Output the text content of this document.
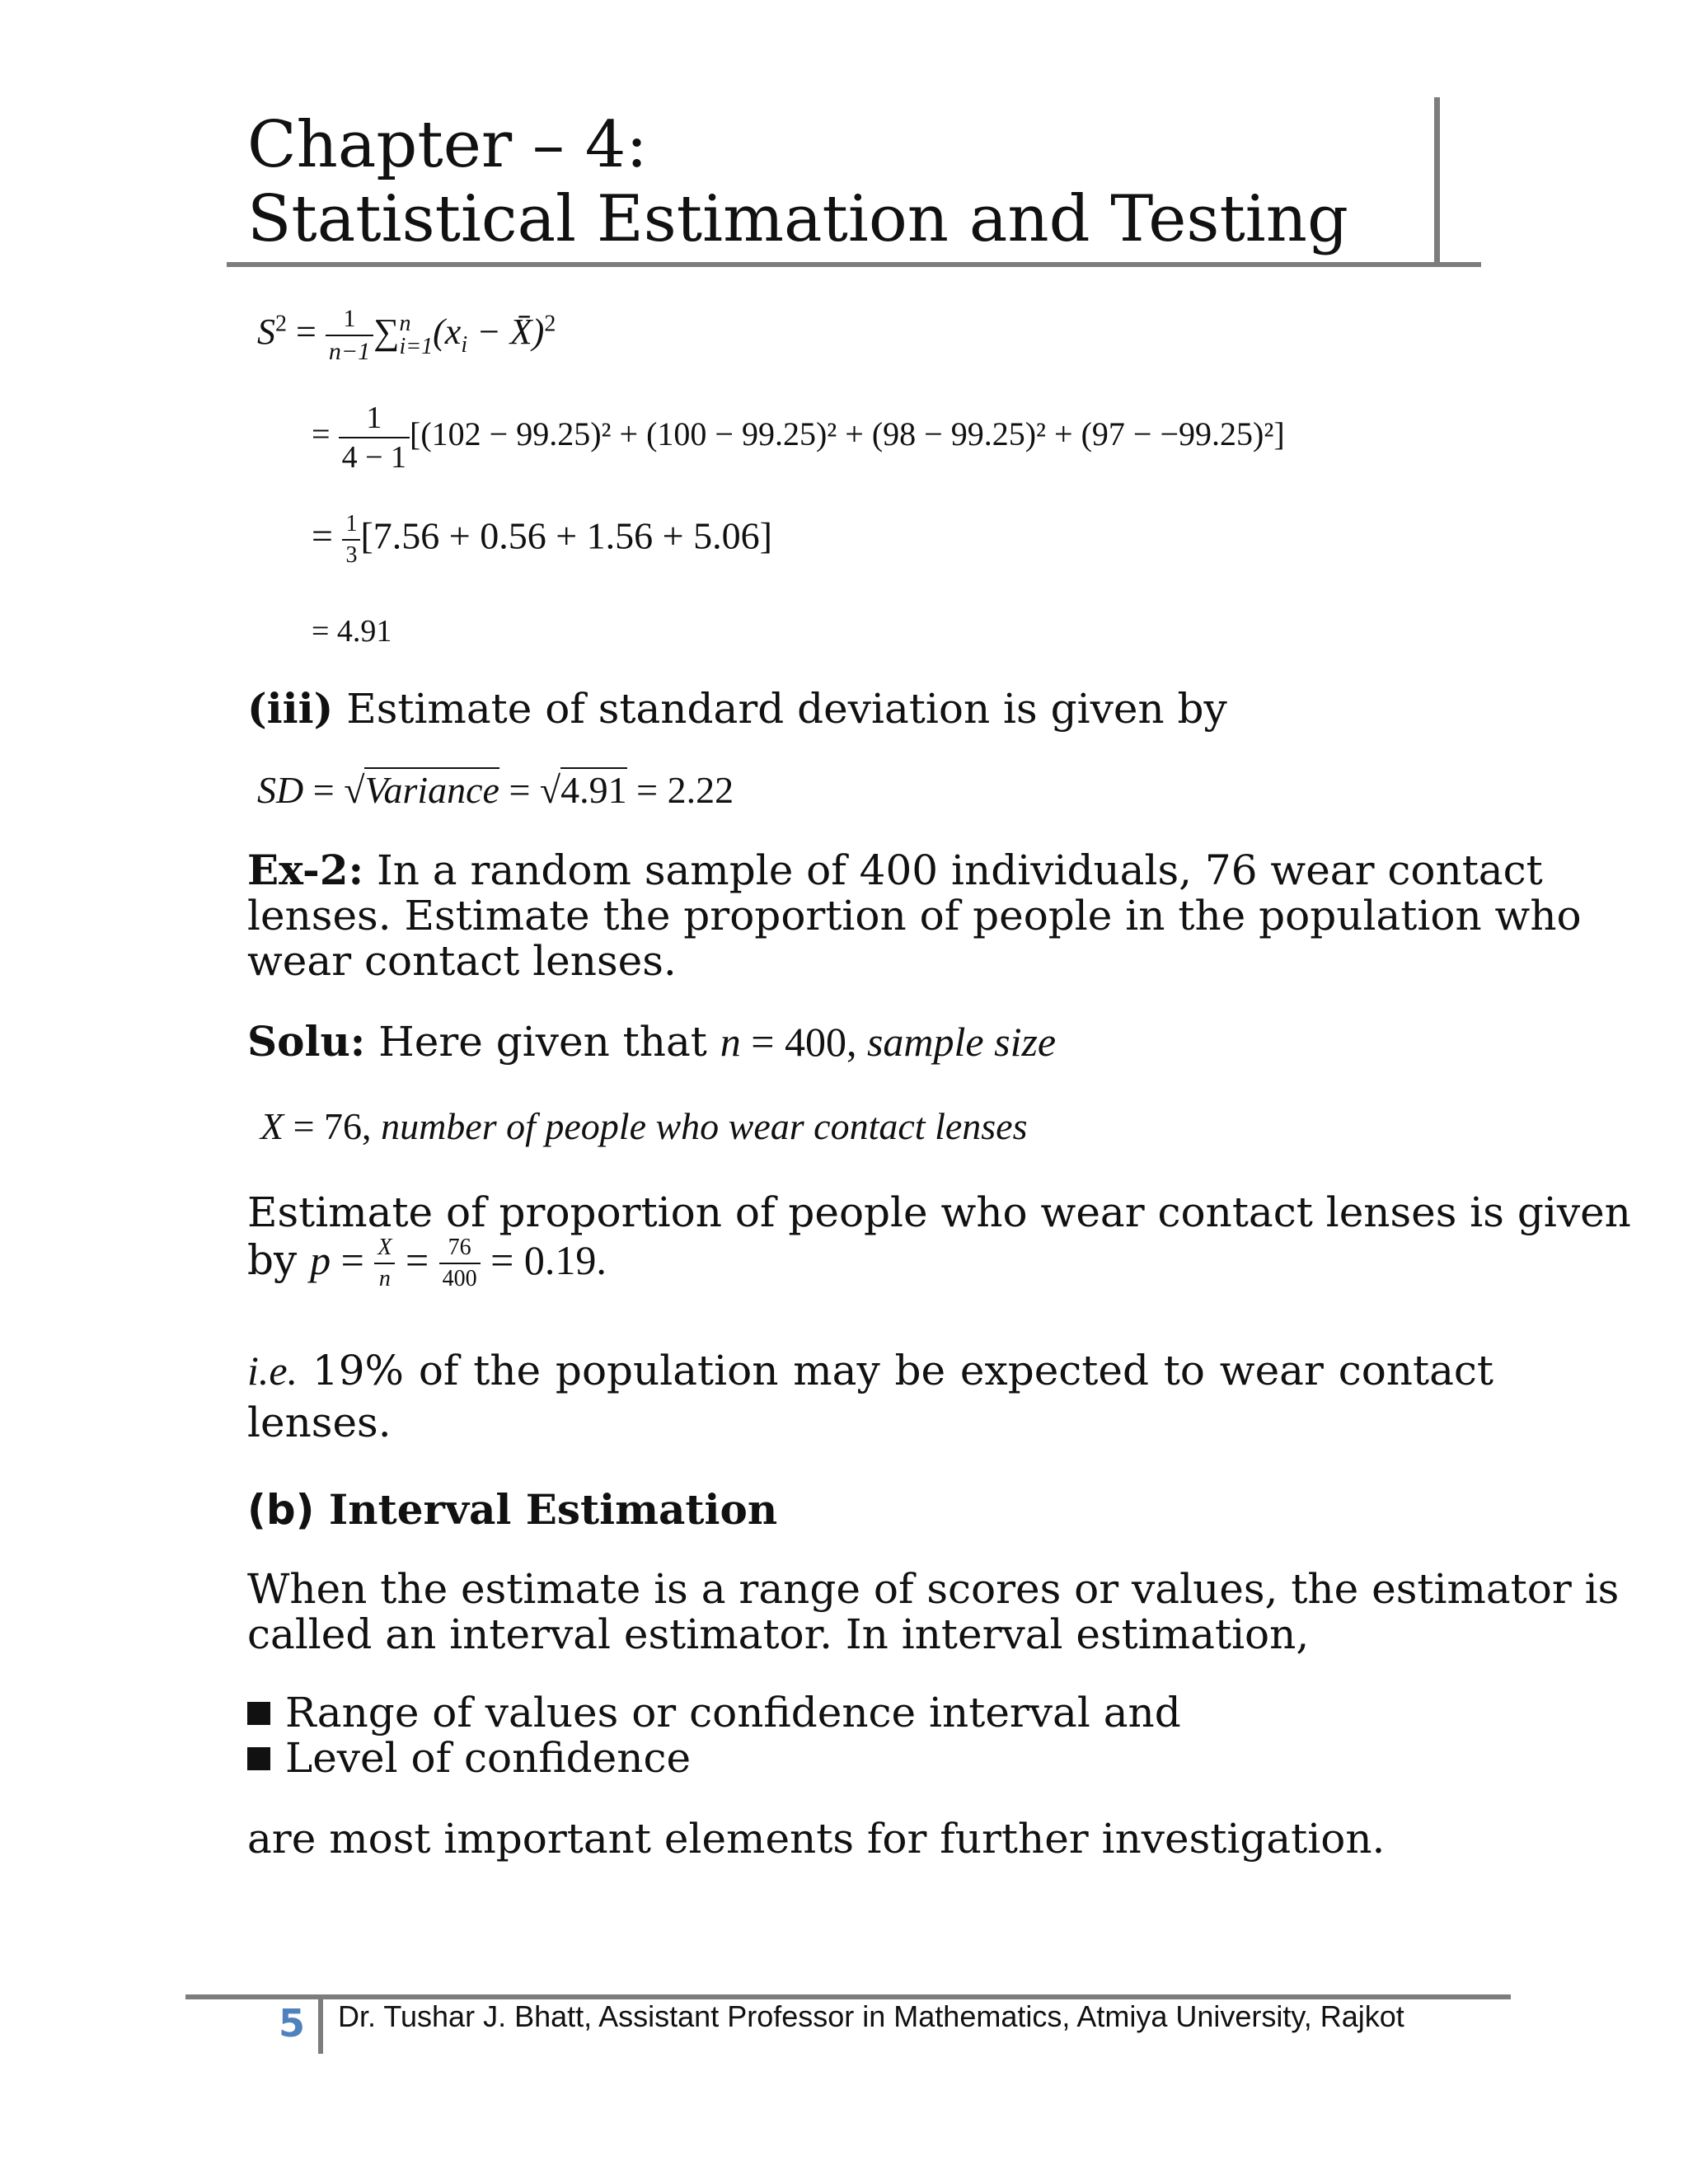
Chapter – 4:
Statistical Estimation and Testing
$S^2 = \frac{1}{n-1}$ ∑ n
i=1 ($x_i$ − X̄)$^2$
= $\frac{1}{4 - 1} [(102 - 99.25)^2 + (100 - 99.25)^2 + (98 - 99.25)^2 + (97 - -99.25)^2]$
= $\frac{1}{3} [7.56 + 0.56 + 1.56 + 5.06]$
= 4.91
(iii) Estimate of standard deviation is given by
SD = √Variance = √4.91 = 2.22
Ex-2: In a random sample of 400 individuals, 76 wear contact
lenses. Estimate the proportion of people in the population who
wear contact lenses.
Solu: Here given that n = 400, sample size
X = 76, number of people who wear contact lenses
Estimate of proportion of people who wear contact lenses is given
by $p = \frac{X}{n} = \frac{76}{400} = 0.19$.
i.e. 19% of the population may be expected to wear contact
lenses.
(b) Interval Estimation
When the estimate is a range of scores or values, the estimator is
called an interval estimator. In interval estimation,
Range of values or confidence interval and
Level of confidence
are most important elements for further investigation.
5 Dr. Tushar J. Bhatt, Assistant Professor in Mathematics, Atmiya University, Rajkot
